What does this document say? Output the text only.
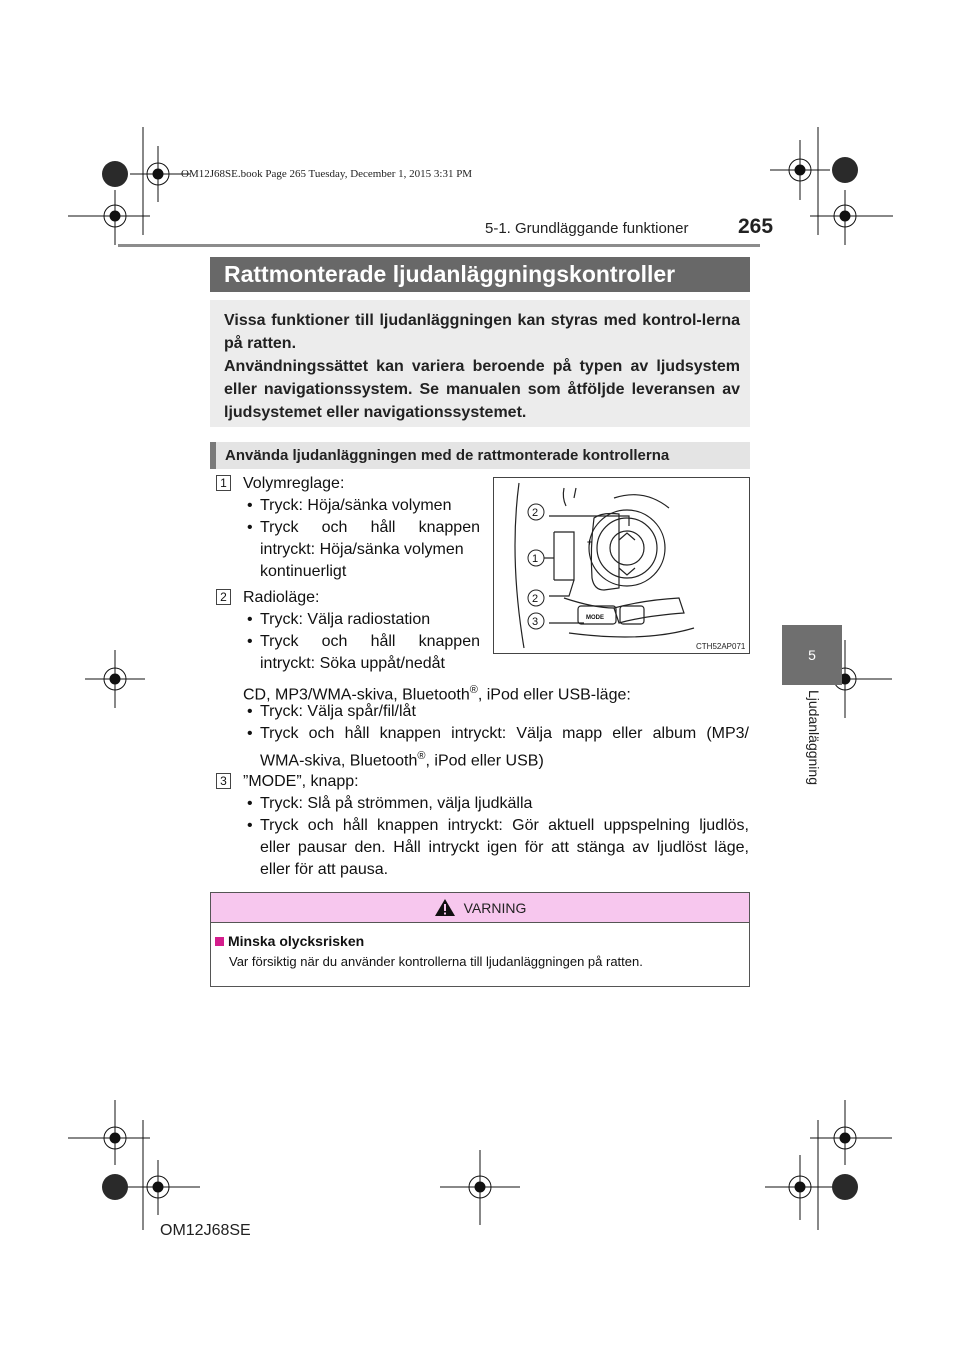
OM12J68SE.book Page 265 Tuesday, December 1, 2015 3:31 PM
5-1. Grundläggande funktioner 265
5
Ljudanläggning
Rattmonterade ljudanläggningskontroller

Vissa funktioner till ljudanläggningen kan styras med kontrol-lerna på ratten.

Användningssättet kan variera beroende på typen av ljudsystem eller navigationssystem. Se manualen som åtföljde leveransen av ljudsystemet eller navigationssystemet.

Använda ljudanläggningen med de rattmonterade kontrollerna
1 Volymreglage:
• Tryck: Höja/sänka volymen
• Tryck och håll knappen
intryckt: Höja/sänka volymen
kontinuerligt
2 Radioläge:
• Tryck: Välja radiostation
• Tryck och håll knappen
intryckt: Söka uppåt/nedåt
CD, MP3/WMA-skiva, Bluetooth®, iPod eller USB-läge:
• Tryck: Välja spår/fil/låt
• Tryck och håll knappen intryckt: Välja mapp eller album (MP3/
WMA-skiva, Bluetooth®, iPod eller USB)
3 ”MODE”, knapp:
• Tryck: Slå på strömmen, välja ljudkälla
• Tryck och håll knappen intryckt: Gör aktuell uppspelning ljudlös,
eller pausar den. Håll intryckt igen för att stänga av ljudlöst läge,
eller för att pausa.
+
MODE
2
1
2
3
CTH52AP071
VARNING
Minska olycksrisken
Var försiktig när du använder kontrollerna till ljudanläggningen på ratten.
OM12J68SE
